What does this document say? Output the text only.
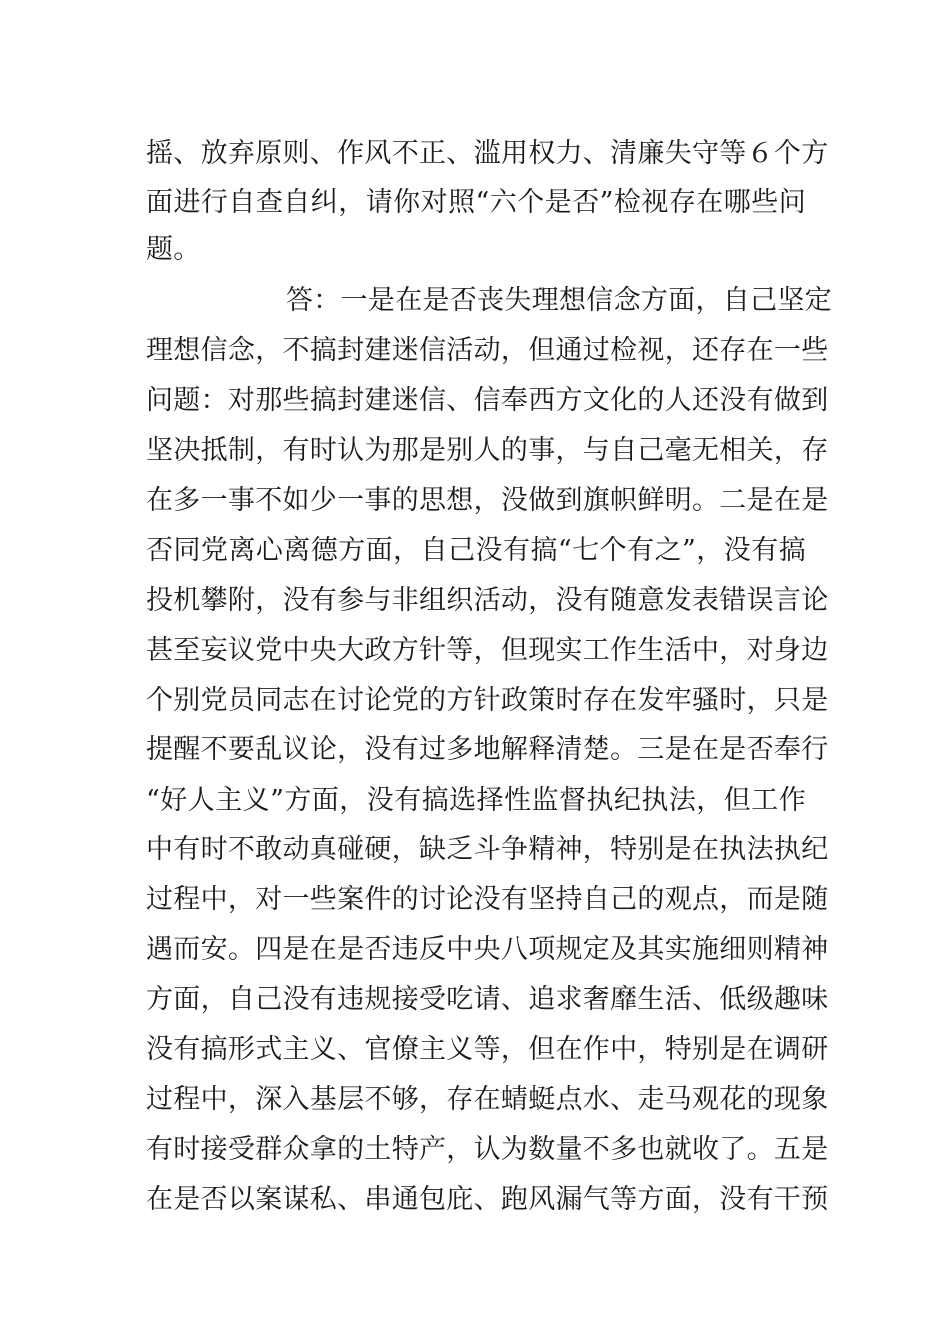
摇、放弃原则、作风不正、滥用权力、清廉失守等６个方
面进行自查自纠，请你对照“六个是否”检视存在哪些问
题。
答：一是在是否丧失理想信念方面，自己坚定
理想信念，不搞封建迷信活动，但通过检视，还存在一些
问题：对那些搞封建迷信、信奉西方文化的人还没有做到
坚决抵制，有时认为那是别人的事，与自己毫无相关，存
在多一事不如少一事的思想，没做到旗帜鲜明。二是在是
否同党离心离德方面，自己没有搞“七个有之”，没有搞
投机攀附，没有参与非组织活动，没有随意发表错误言论
甚至妄议党中央大政方针等，但现实工作生活中，对身边
个别党员同志在讨论党的方针政策时存在发牢骚时，只是
提醒不要乱议论，没有过多地解释清楚。三是在是否奉行
“好人主义”方面，没有搞选择性监督执纪执法，但工作
中有时不敢动真碰硬，缺乏斗争精神，特别是在执法执纪
过程中，对一些案件的讨论没有坚持自己的观点，而是随
遇而安。四是在是否违反中央八项规定及其实施细则精神
方面，自己没有违规接受吃请、追求奢靡生活、低级趣味
没有搞形式主义、官僚主义等，但在作中，特别是在调研
过程中，深入基层不够，存在蜻蜓点水、走马观花的现象
有时接受群众拿的土特产，认为数量不多也就收了。五是
在是否以案谋私、串通包庇、跑风漏气等方面，没有干预
